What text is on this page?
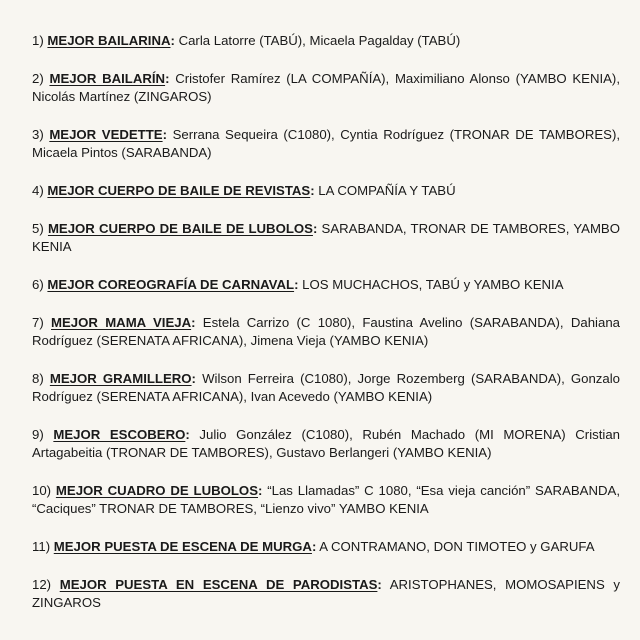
1) MEJOR BAILARINA: Carla Latorre (TABÚ), Micaela Pagalday (TABÚ)
2) MEJOR BAILARÍN: Cristofer Ramírez (LA COMPAÑÍA), Maximiliano Alonso (YAMBO KENIA), Nicolás Martínez (ZINGAROS)
3) MEJOR VEDETTE: Serrana Sequeira (C1080), Cyntia Rodríguez (TRONAR DE TAMBORES), Micaela Pintos (SARABANDA)
4) MEJOR CUERPO DE BAILE DE REVISTAS: LA COMPAÑÍA Y TABÚ
5) MEJOR CUERPO DE BAILE DE LUBOLOS: SARABANDA, TRONAR DE TAMBORES, YAMBO KENIA
6) MEJOR COREOGRAFÍA DE CARNAVAL: LOS MUCHACHOS, TABÚ y YAMBO KENIA
7) MEJOR MAMA VIEJA: Estela Carrizo (C 1080), Faustina Avelino (SARABANDA), Dahiana Rodríguez (SERENATA AFRICANA), Jimena Vieja (YAMBO KENIA)
8) MEJOR GRAMILLERO: Wilson Ferreira (C1080), Jorge Rozemberg (SARABANDA), Gonzalo Rodríguez (SERENATA AFRICANA), Ivan Acevedo (YAMBO KENIA)
9) MEJOR ESCOBERO: Julio González (C1080), Rubén Machado (MI MORENA) Cristian Artagabeitia (TRONAR DE TAMBORES), Gustavo Berlangeri (YAMBO KENIA)
10) MEJOR CUADRO DE LUBOLOS: “Las Llamadas” C 1080, “Esa vieja canción” SARABANDA, “Caciques” TRONAR DE TAMBORES, “Lienzo vivo” YAMBO KENIA
11) MEJOR PUESTA DE ESCENA DE MURGA: A CONTRAMANO, DON TIMOTEO y GARUFA
12) MEJOR PUESTA EN ESCENA DE PARODISTAS: ARISTOPHANES, MOMOSAPIENS y ZINGAROS
